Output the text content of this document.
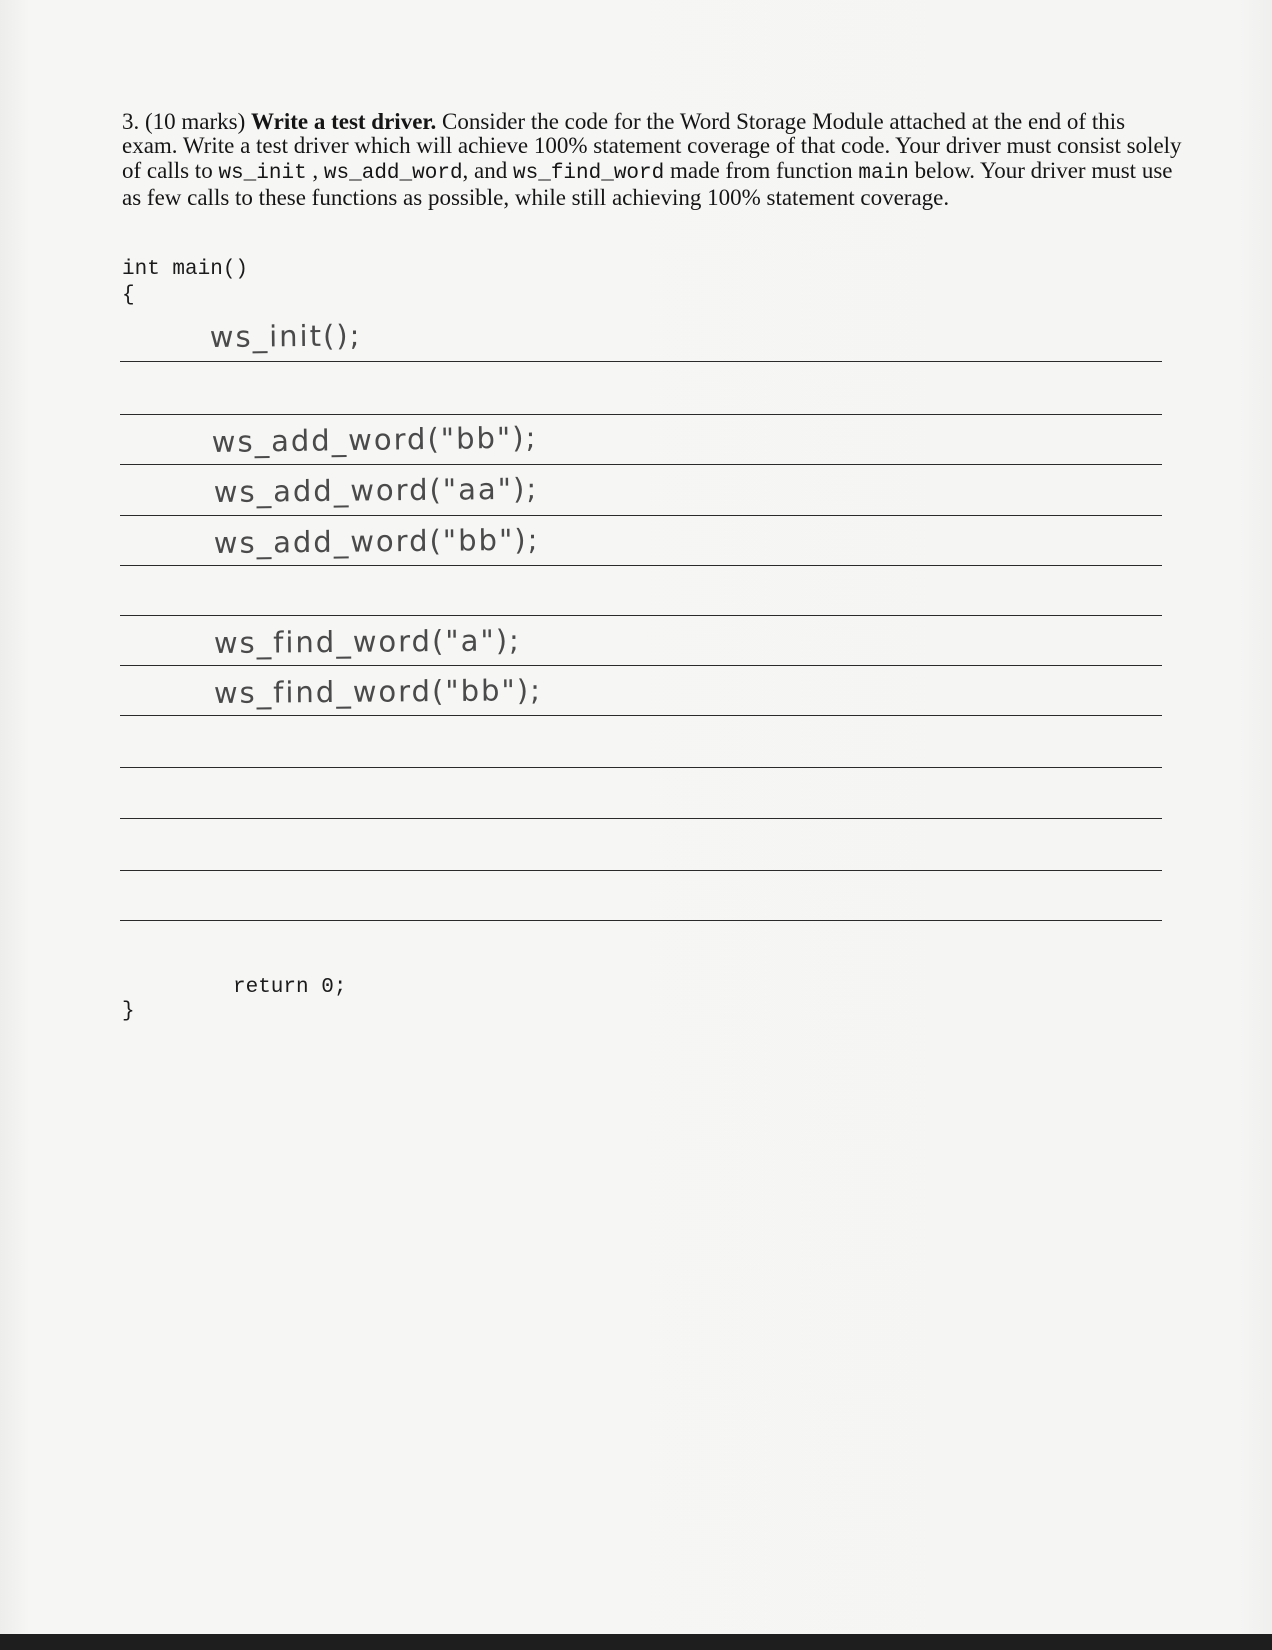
3. (10 marks) Write a test driver. Consider the code for the Word Storage Module attached at the end of this exam. Write a test driver which will achieve 100% statement coverage of that code. Your driver must consist solely of calls to ws_init , ws_add_word, and ws_find_word made from function main below. Your driver must use as few calls to these functions as possible, while still achieving 100% statement coverage.

int main()
{
ws_init();
ws_add_word("bb");
ws_add_word("aa");
ws_add_word("bb");
ws_find_word("a");
ws_find_word("bb");
return 0;
}
